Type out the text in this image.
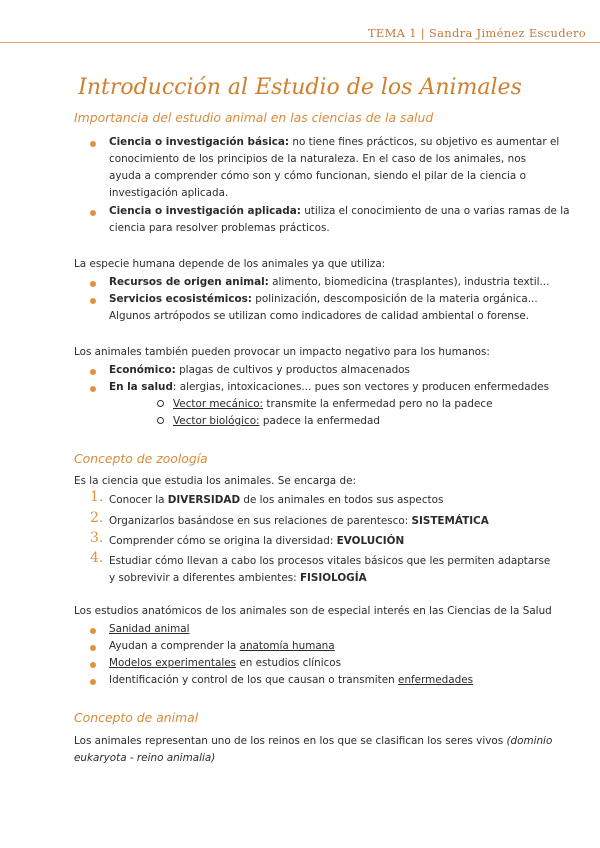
TEMA 1 | Sandra Jiménez Escudero
Introducción al Estudio de los Animales
Importancia del estudio animal en las ciencias de la salud
Ciencia o investigación básica: no tiene fines prácticos, su objetivo es aumentar el
conocimiento de los principios de la naturaleza. En el caso de los animales, nos
ayuda a comprender cómo son y cómo funcionan, siendo el pilar de la ciencia o
investigación aplicada.
Ciencia o investigación aplicada: utiliza el conocimiento de una o varias ramas de la
ciencia para resolver problemas prácticos.
La especie humana depende de los animales ya que utiliza:
Recursos de origen animal: alimento, biomedicina (trasplantes), industria textil...
Servicios ecosistémicos: polinización, descomposición de la materia orgánica...
Algunos artrópodos se utilizan como indicadores de calidad ambiental o forense.
Los animales también pueden provocar un impacto negativo para los humanos:
Económico: plagas de cultivos y productos almacenados
En la salud: alergias, intoxicaciones... pues son vectores y producen enfermedades
Vector mecánico: transmite la enfermedad pero no la padece
Vector biológico: padece la enfermedad
Concepto de zoología
Es la ciencia que estudia los animales. Se encarga de:
1. Conocer la DIVERSIDAD de los animales en todos sus aspectos
2. Organizarlos basándose en sus relaciones de parentesco: SISTEMÁTICA
3. Comprender cómo se origina la diversidad: EVOLUCIÓN
4. Estudiar cómo llevan a cabo los procesos vitales básicos que les permiten adaptarse
y sobrevivir a diferentes ambientes: FISIOLOGÍA
Los estudios anatómicos de los animales son de especial interés en las Ciencias de la Salud
Sanidad animal
Ayudan a comprender la anatomía humana
Modelos experimentales en estudios clínicos
Identificación y control de los que causan o transmiten enfermedades
Concepto de animal
Los animales representan uno de los reinos en los que se clasifican los seres vivos (dominio
eukaryota - reino animalia)
